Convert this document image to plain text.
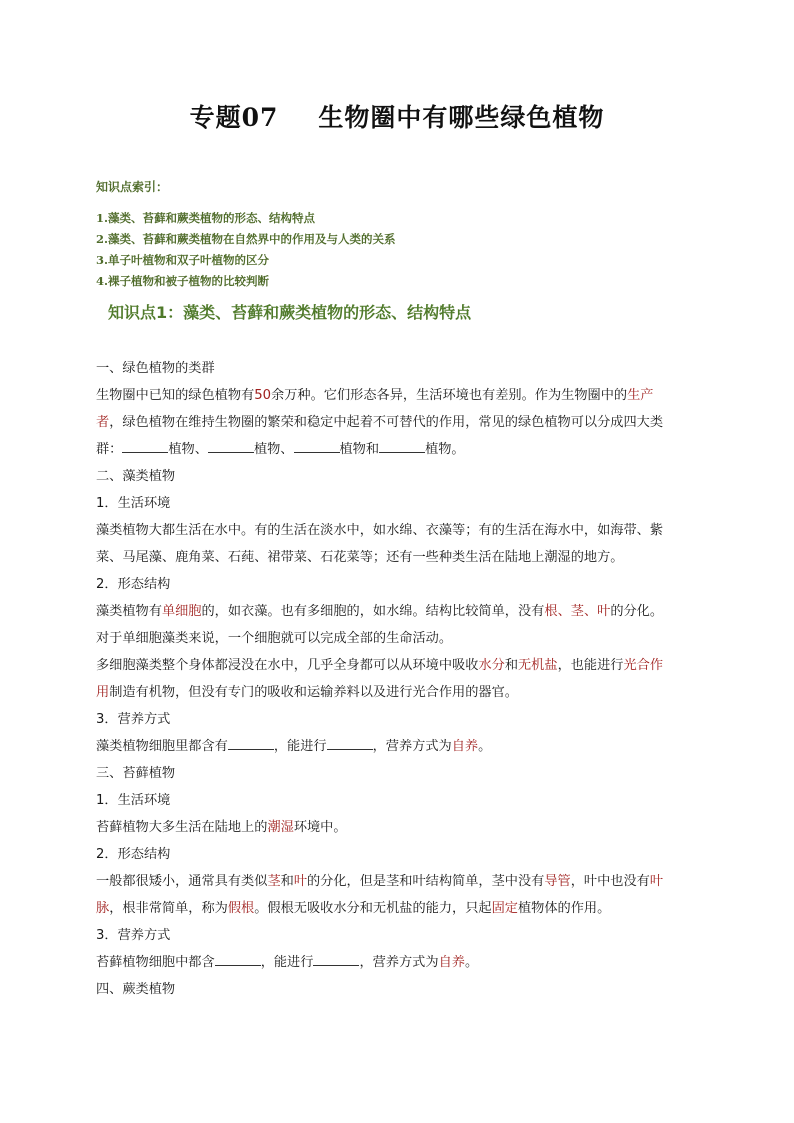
专题07 生物圈中有哪些绿色植物
知识点索引：
1.藻类、苔藓和蕨类植物的形态、结构特点
2.藻类、苔藓和蕨类植物在自然界中的作用及与人类的关系
3.单子叶植物和双子叶植物的区分
4.裸子植物和被子植物的比较判断
知识点1：藻类、苔藓和蕨类植物的形态、结构特点
一、绿色植物的类群
生物圈中已知的绿色植物有50余万种。它们形态各异，生活环境也有差别。作为生物圈中的生产
者，绿色植物在维持生物圈的繁荣和稳定中起着不可替代的作用，常见的绿色植物可以分成四大类
群：	植物、	植物、	植物和	植物。
二、藻类植物
1．生活环境
藻类植物大都生活在水中。有的生活在淡水中，如水绵、衣藻等；有的生活在海水中，如海带、紫
菜、马尾藻、鹿角菜、石莼、裙带菜、石花菜等；还有一些种类生活在陆地上潮湿的地方。
2．形态结构
藻类植物有单细胞的，如衣藻。也有多细胞的，如水绵。结构比较简单，没有根、茎、叶的分化。
对于单细胞藻类来说，一个细胞就可以完成全部的生命活动。
多细胞藻类整个身体都浸没在水中，几乎全身都可以从环境中吸收水分和无机盐，也能进行光合作
用制造有机物，但没有专门的吸收和运输养料以及进行光合作用的器官。
3．营养方式
藻类植物细胞里都含有	，能进行	，营养方式为自养。
三、苔藓植物
1．生活环境
苔藓植物大多生活在陆地上的潮湿环境中。
2．形态结构
一般都很矮小，通常具有类似茎和叶的分化，但是茎和叶结构简单，茎中没有导管，叶中也没有叶
脉，根非常简单，称为假根。假根无吸收水分和无机盐的能力，只起固定植物体的作用。
3．营养方式
苔藓植物细胞中都含	，能进行	，营养方式为自养。
四、蕨类植物
